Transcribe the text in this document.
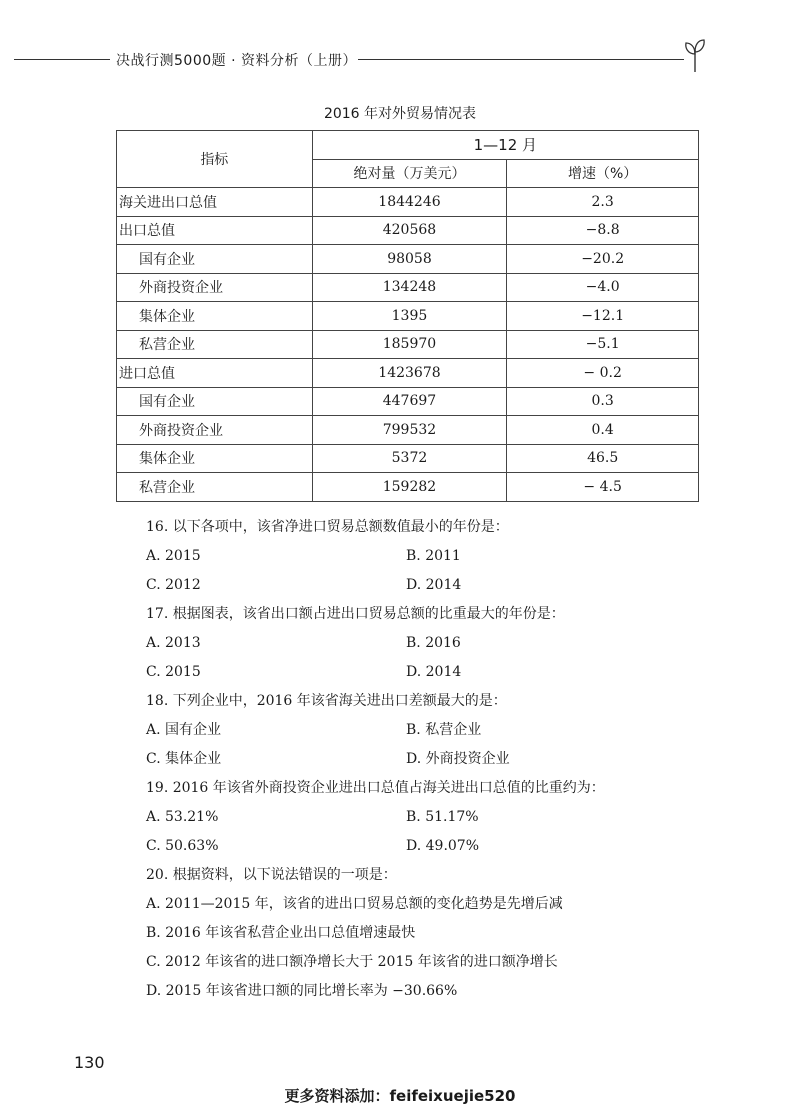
决战行测5000题 · 资料分析（上册）
2016 年对外贸易情况表
指标	1—12 月	
	绝对量（万美元）	增速（%）
海关进出口总值	1844246	2.3
出口总值	420568	−8.8
国有企业	98058	−20.2
外商投资企业	134248	−4.0
集体企业	1395	−12.1
私营企业	185970	−5.1
进口总值	1423678	− 0.2
国有企业	447697	0.3
外商投资企业	799532	0.4
集体企业	5372	46.5
私营企业	159282	− 4.5
16. 以下各项中，该省净进口贸易总额数值最小的年份是：
A. 2015	B. 2011
C. 2012	D. 2014
17. 根据图表，该省出口额占进出口贸易总额的比重最大的年份是：
A. 2013	B. 2016
C. 2015	D. 2014
18. 下列企业中，2016 年该省海关进出口差额最大的是：
A. 国有企业	B. 私营企业
C. 集体企业	D. 外商投资企业
19. 2016 年该省外商投资企业进出口总值占海关进出口总值的比重约为：
A. 53.21%	B. 51.17%
C. 50.63%	D. 49.07%
20. 根据资料，以下说法错误的一项是：
A. 2011—2015 年，该省的进出口贸易总额的变化趋势是先增后减
B. 2016 年该省私营企业出口总值增速最快
C. 2012 年该省的进口额净增长大于 2015 年该省的进口额净增长
D. 2015 年该省进口额的同比增长率为 −30.66%
130
更多资料添加：feifeixuejie520
